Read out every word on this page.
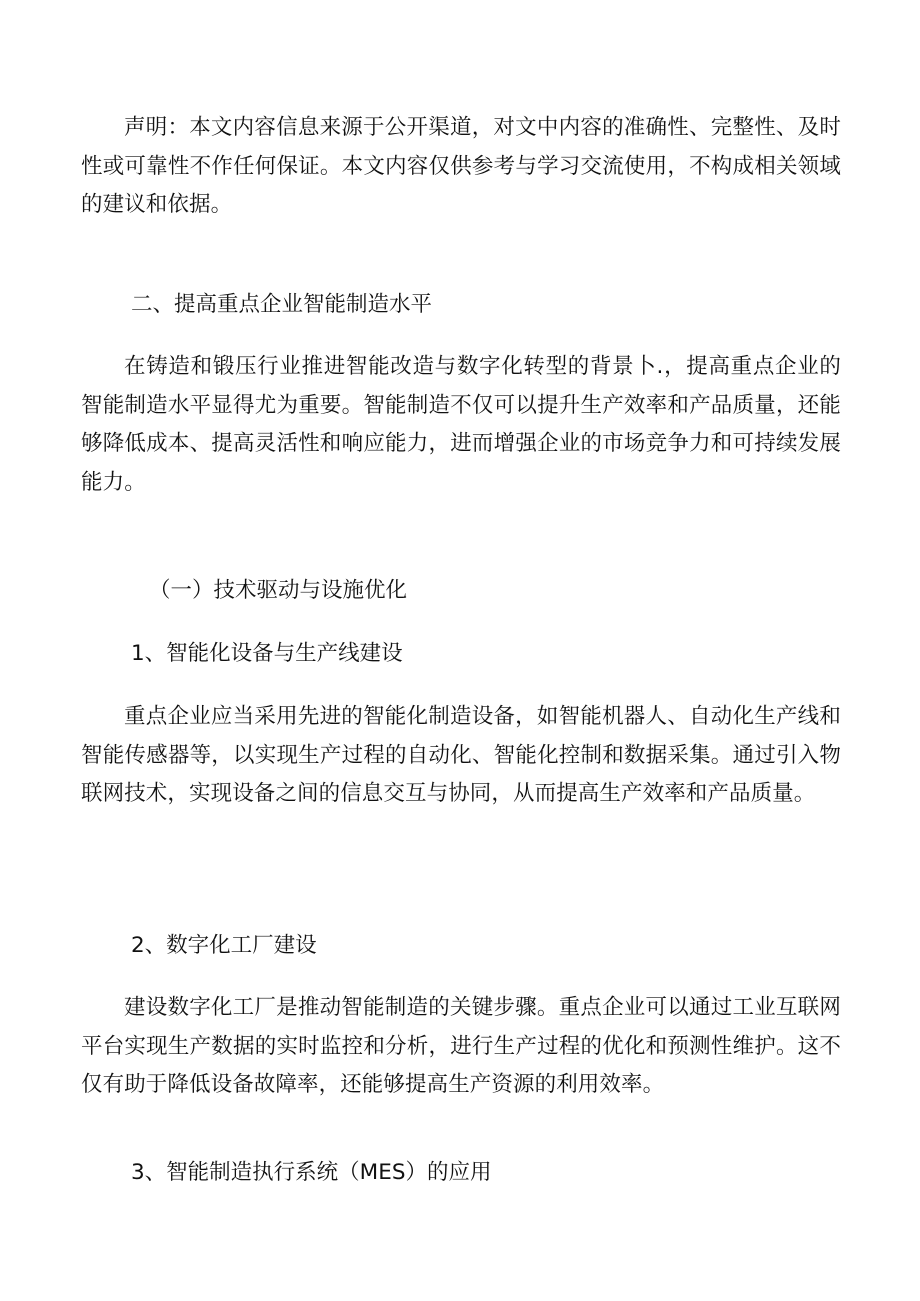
声明：本文内容信息来源于公开渠道，对文中内容的准确性、完整性、及时性或可靠性不作任何保证。本文内容仅供参考与学习交流使用，不构成相关领域的建议和依据。

二、提高重点企业智能制造水平

在铸造和锻压行业推进智能改造与数字化转型的背景卜.，提高重点企业的智能制造水平显得尤为重要。智能制造不仅可以提升生产效率和产品质量，还能够降低成本、提高灵活性和响应能力，进而增强企业的市场竞争力和可持续发展能力。

（一）技术驱动与设施优化
1、智能化设备与生产线建设

重点企业应当采用先进的智能化制造设备，如智能机器人、自动化生产线和智能传感器等，以实现生产过程的自动化、智能化控制和数据采集。通过引入物联网技术，实现设备之间的信息交互与协同，从而提高生产效率和产品质量。

2、数字化工厂建设

建设数字化工厂是推动智能制造的关键步骤。重点企业可以通过工业互联网平台实现生产数据的实时监控和分析，进行生产过程的优化和预测性维护。这不仅有助于降低设备故障率，还能够提高生产资源的利用效率。

3、智能制造执行系统（MES）的应用
